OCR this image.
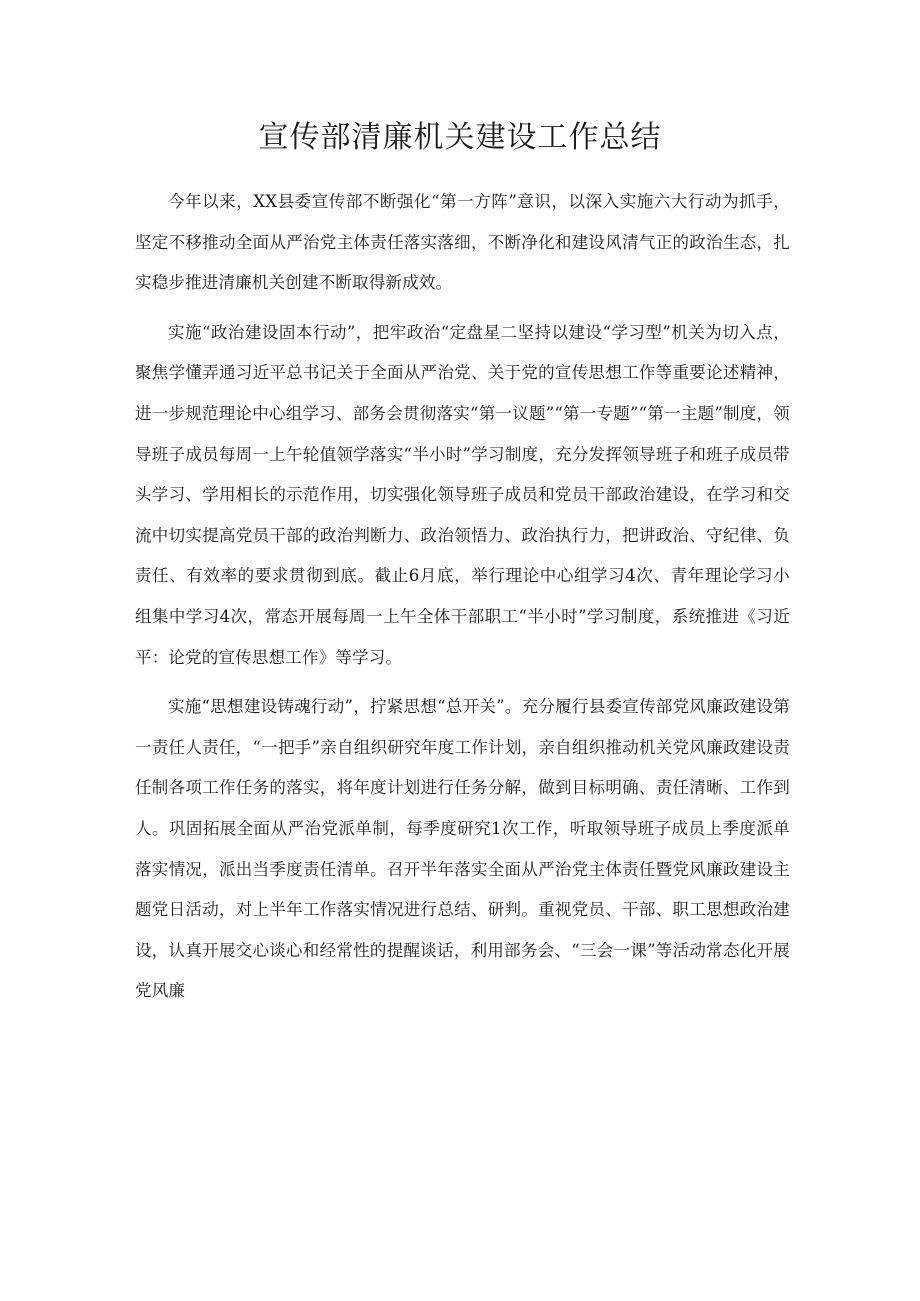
宣传部清廉机关建设工作总结

今年以来，XX县委宣传部不断强化“第一方阵”意识，以深入实施六大行动为抓手，坚定不移推动全面从严治党主体责任落实落细，不断净化和建设风清气正的政治生态，扎实稳步推进清廉机关创建不断取得新成效。

实施“政治建设固本行动”，把牢政治“定盘星二坚持以建设“学习型”机关为切入点，聚焦学懂弄通习近平总书记关于全面从严治党、关于党的宣传思想工作等重要论述精神，进一步规范理论中心组学习、部务会贯彻落实“第一议题”“第一专题”“第一主题”制度，领导班子成员每周一上午轮值领学落实“半小时”学习制度，充分发挥领导班子和班子成员带头学习、学用相长的示范作用，切实强化领导班子成员和党员干部政治建设，在学习和交流中切实提高党员干部的政治判断力、政治领悟力、政治执行力，把讲政治、守纪律、负责任、有效率的要求贯彻到底。截止6月底，举行理论中心组学习4次、青年理论学习小组集中学习4次，常态开展每周一上午全体干部职工“半小时”学习制度，系统推进《习近平：论党的宣传思想工作》等学习。

实施“思想建设铸魂行动”，拧紧思想“总开关”。充分履行县委宣传部党风廉政建设第一责任人责任，“一把手”亲自组织研究年度工作计划，亲自组织推动机关党风廉政建设责任制各项工作任务的落实，将年度计划进行任务分解，做到目标明确、责任清晰、工作到人。巩固拓展全面从严治党派单制，每季度研究1次工作，听取领导班子成员上季度派单落实情况，派出当季度责任清单。召开半年落实全面从严治党主体责任暨党风廉政建设主题党日活动，对上半年工作落实情况进行总结、研判。重视党员、干部、职工思想政治建设，认真开展交心谈心和经常性的提醒谈话，利用部务会、“三会一课”等活动常态化开展党风廉
